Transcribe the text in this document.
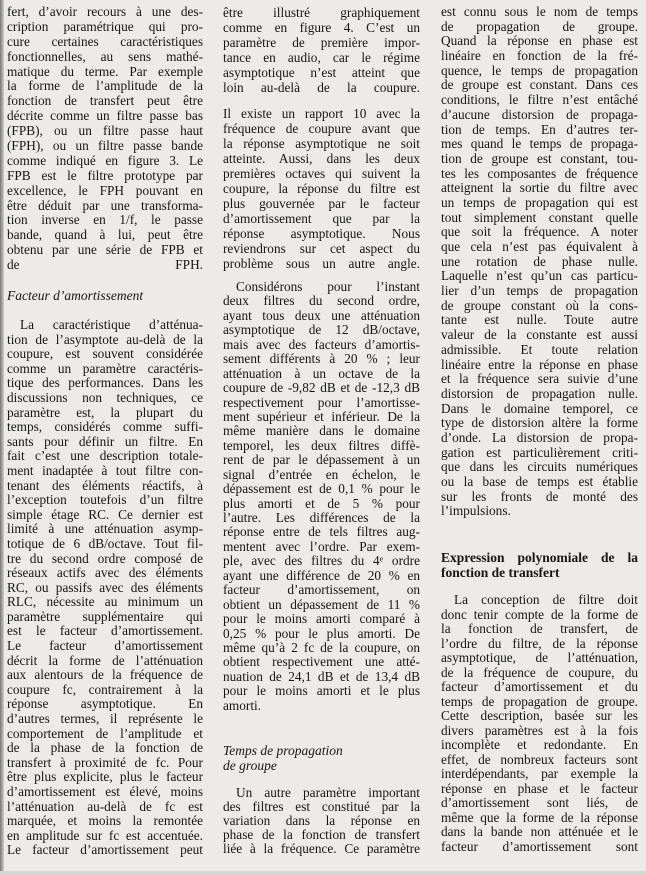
fert, d’avoir recours à une des-
cription paramétrique qui pro-
cure certaines caractéristiques
fonctionnelles, au sens mathé-
matique du terme. Par exemple
la forme de l’amplitude de la
fonction de transfert peut être
décrite comme un filtre passe bas
(FPB), ou un filtre passe haut
(FPH), ou un filtre passe bande
comme indiqué en figure 3. Le
FPB est le filtre prototype par
excellence, le FPH pouvant en
être déduit par une transforma-
tion inverse en 1/f, le passe
bande, quand à lui, peut être
obtenu par une série de FPB et
de FPH.
Facteur d’amortissement
La caractéristique d’atténua-
tion de l’asymptote au-delà de la
coupure, est souvent considérée
comme un paramètre caractéris-
tique des performances. Dans les
discussions non techniques, ce
paramètre est, la plupart du
temps, considérés comme suffi-
sants pour définir un filtre. En
fait c’est une description totale-
ment inadaptée à tout filtre con-
tenant des éléments réactifs, à
l’exception toutefois d’un filtre
simple étage RC. Ce dernier est
limité à une atténuation asymp-
totique de 6 dB/octave. Tout fil-
tre du second ordre composé de
réseaux actifs avec des éléments
RC, ou passifs avec des éléments
RLC, nécessite au minimum un
paramètre supplémentaire qui
est le facteur d’amortissement.
Le facteur d’amortissement
décrit la forme de l’atténuation
aux alentours de la fréquence de
coupure fc, contrairement à la
réponse asymptotique. En
d’autres termes, il représente le
comportement de l’amplitude et
de la phase de la fonction de
transfert à proximité de fc. Pour
être plus explicite, plus le facteur
d’amortissement est élevé, moins
l’atténuation au-delà de fc est
marquée, et moins la remontée
en amplitude sur fc est accentuée.
Le facteur d’amortissement peut
être illustré graphiquement
comme en figure 4. C’est un
paramètre de première impor-
tance en audio, car le régime
asymptotique n’est atteint que
loin au-delà de la coupure.
Il existe un rapport 10 avec la
fréquence de coupure avant que
la réponse asymptotique ne soit
atteinte. Aussi, dans les deux
premières octaves qui suivent la
coupure, la réponse du filtre est
plus gouvernée par le facteur
d’amortissement que par la
réponse asymptotique. Nous
reviendrons sur cet aspect du
problème sous un autre angle.
Considérons pour l’instant
deux filtres du second ordre,
ayant tous deux une atténuation
asymptotique de 12 dB/octave,
mais avec des facteurs d’amortis-
sement différents à 20 % ; leur
atténuation à un octave de la
coupure de -9,82 dB et de -12,3 dB
respectivement pour l’amortisse-
ment supérieur et inférieur. De la
même manière dans le domaine
temporel, les deux filtres diffè-
rent de par le dépassement à un
signal d’entrée en échelon, le
dépassement est de 0,1 % pour le
plus amorti et de 5 % pour
l’autre. Les différences de la
réponse entre de tels filtres aug-
mentent avec l’ordre. Par exem-
ple, avec des filtres du 4ᵉ ordre
ayant une différence de 20 % en
facteur d’amortissement, on
obtient un dépassement de 11 %
pour le moins amorti comparé à
0,25 % pour le plus amorti. De
même qu’à 2 fc de la coupure, on
obtient respectivement une atté-
nuation de 24,1 dB et de 13,4 dB
pour le moins amorti et le plus
amorti.
Temps de propagation
de groupe
Un autre paramètre important
des filtres est constitué par la
variation dans la réponse en
phase de la fonction de transfert
liée à la fréquence. Ce paramètre
est connu sous le nom de temps
de propagation de groupe.
Quand la réponse en phase est
linéaire en fonction de la fré-
quence, le temps de propagation
de groupe est constant. Dans ces
conditions, le filtre n’est entâché
d’aucune distorsion de propaga-
tion de temps. En d’autres ter-
mes quand le temps de propaga-
tion de groupe est constant, tou-
tes les composantes de fréquence
atteignent la sortie du filtre avec
un temps de propagation qui est
tout simplement constant quelle
que soit la fréquence. A noter
que cela n’est pas équivalent à
une rotation de phase nulle.
Laquelle n’est qu’un cas particu-
lier d’un temps de propagation
de groupe constant où la cons-
tante est nulle. Toute autre
valeur de la constante est aussi
admissible. Et toute relation
linéaire entre la réponse en phase
et la fréquence sera suivie d’une
distorsion de propagation nulle.
Dans le domaine temporel, ce
type de distorsion altère la forme
d’onde. La distorsion de propa-
gation est particulièrement criti-
que dans les circuits numériques
ou la base de temps est établie
sur les fronts de monté des
l’impulsions.
Expression polynomiale de la
fonction de transfert
La conception de filtre doit
donc tenir compte de la forme de
la fonction de transfert, de
l’ordre du filtre, de la réponse
asymptotique, de l’atténuation,
de la fréquence de coupure, du
facteur d’amortissement et du
temps de propagation de groupe.
Cette description, basée sur les
divers paramètres est à la fois
incomplète et redondante. En
effet, de nombreux facteurs sont
interdépendants, par exemple la
réponse en phase et le facteur
d’amortissement sont liés, de
même que la forme de la réponse
dans la bande non atténuée et le
facteur d’amortissement sont
